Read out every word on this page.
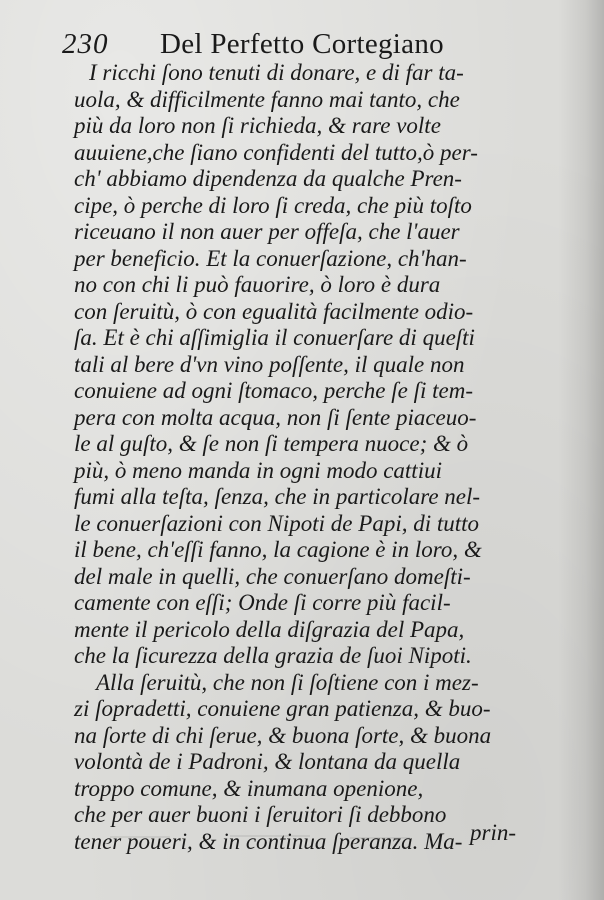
230 Del Perfetto Cortegiano
I ricchi ſono tenuti di donare, e di far ta-
uola, & difficilmente fanno mai tanto, che
più da loro non ſi richieda, & rare volte
auuiene,che ſiano confidenti del tutto,ò per-
ch' abbiamo dipendenza da qualche Pren-
cipe, ò perche di loro ſi creda, che più toſto
riceuano il non auer per offeſa, che l'auer
per beneficio. Et la conuerſazione, ch'han-
no con chi li può fauorire, ò loro è dura
con ſeruitù, ò con egualità facilmente odio-
ſa. Et è chi aſſimiglia il conuerſare di queſti
tali al bere d'vn vino poſſente, il quale non
conuiene ad ogni ſtomaco, perche ſe ſi tem-
pera con molta acqua, non ſi ſente piaceuo-
le al guſto, & ſe non ſi tempera nuoce; & ò
più, ò meno manda in ogni modo cattiui
fumi alla teſta, ſenza, che in particolare nel-
le conuerſazioni con Nipoti de Papi, di tutto
il bene, ch'eſſi fanno, la cagione è in loro, &
del male in quelli, che conuerſano domeſti-
camente con eſſi; Onde ſi corre più facil-
mente il pericolo della diſgrazia del Papa,
che la ſicurezza della grazia de ſuoi Nipoti.
Alla ſeruitù, che non ſi ſoſtiene con i mez-
zi ſopradetti, conuiene gran patienza, & buo-
na ſorte di chi ſerue, & buona ſorte, & buona
volontà de i Padroni, & lontana da quella
troppo comune, & inumana openione,
che per auer buoni i ſeruitori ſi debbono
tener poueri, & in continua ſperanza. Ma- prin-
